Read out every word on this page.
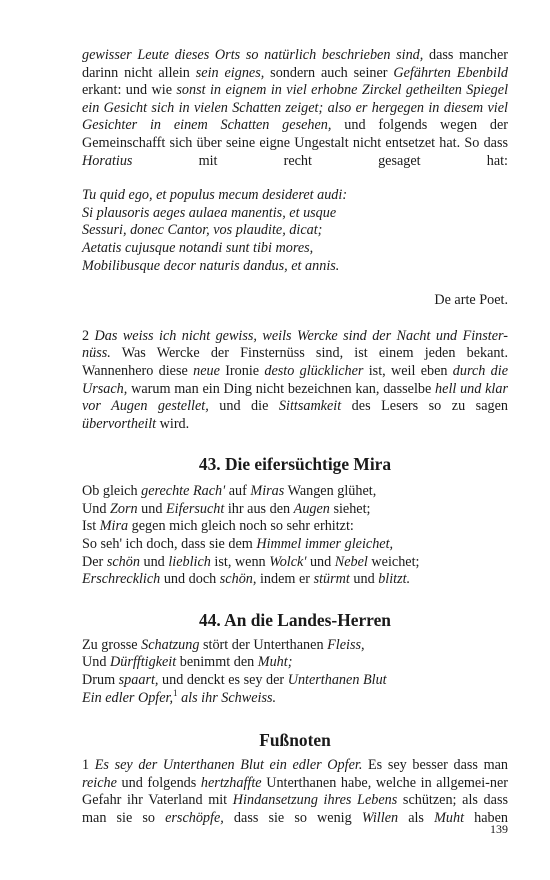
gewisser Leute dieses Orts so natürlich beschrieben sind, dass mancher darinn nicht allein sein eignes, sondern auch seiner Gefährten Ebenbild erkant: und wie sonst in eignem in viel erhobne Zirckel getheilten Spiegel ein Gesicht sich in vielen Schatten zeiget; also er hergegen in diesem viel Gesichter in einem Schatten gesehen, und folgends wegen der Gemeinschafft sich über seine eigne Ungestalt nicht entsetzet hat. So dass Horatius mit recht gesaget hat:

Tu quid ego, et populus mecum desideret audi:
Si plausoris aeges aulaea manentis, et usque
Sessuri, donec Cantor, vos plaudite, dicat;
Aetatis cujusque notandi sunt tibi mores,
Mobilibusque decor naturis dandus, et annis.

De arte Poet.

2 Das weiss ich nicht gewiss, weils Wercke sind der Nacht und Finster-nüss. Was Wercke der Finsternüss sind, ist einem jeden bekant. Wannenhero diese neue Ironie desto glücklicher ist, weil eben durch die Ursach, warum man ein Ding nicht bezeichnen kan, dasselbe hell und klar vor Augen gestellet, und die Sittsamkeit des Lesers so zu sagen übervortheilt wird.

43. Die eifersüchtige Mira
Ob gleich gerechte Rach' auf Miras Wangen glühet,
Und Zorn und Eifersucht ihr aus den Augen siehet;
Ist Mira gegen mich gleich noch so sehr erhitzt:
So seh' ich doch, dass sie dem Himmel immer gleichet,
Der schön und lieblich ist, wenn Wolck' und Nebel weichet;
Erschrecklich und doch schön, indem er stürmt und blitzt.
44. An die Landes-Herren
Zu grosse Schatzung stört der Unterthanen Fleiss,
Und Dürfftigkeit benimmt den Muht;
Drum spaart, und denckt es sey der Unterthanen Blut
Ein edler Opfer,$^1$ als ihr Schweiss.
Fußnoten

1 Es sey der Unterthanen Blut ein edler Opfer. Es sey besser dass man reiche und folgends hertzhaffte Unterthanen habe, welche in allgemei-ner Gefahr ihr Vaterland mit Hindansetzung ihres Lebens schützen; als dass man sie so erschöpfe, dass sie so wenig Willen als Muht haben

139
